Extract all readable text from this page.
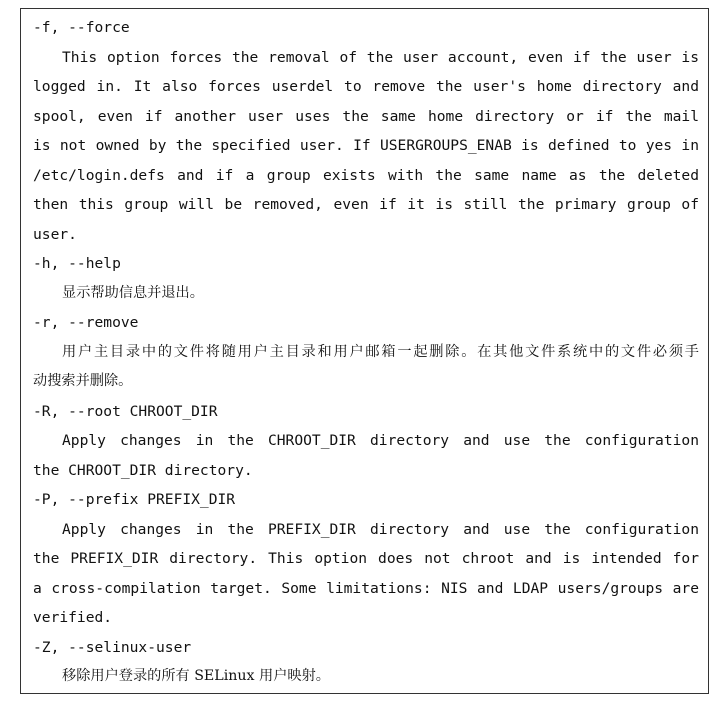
-f, --force
This option forces the removal of the user account, even if the user is
logged in. It also forces userdel to remove the user's home directory and
spool, even if another user uses the same home directory or if the mail
is not owned by the specified user. If USERGROUPS_ENAB is defined to yes in
/etc/login.defs and if a group exists with the same name as the deleted
then this group will be removed, even if it is still the primary group of
user.
-h, --help
显示帮助信息并退出。
-r, --remove
用户主目录中的文件将随用户主目录和用户邮箱一起删除。在其他文件系统中的文件必须手
动搜索并删除。
-R, --root CHROOT_DIR
Apply changes in the CHROOT_DIR directory and use the configuration
the CHROOT_DIR directory.
-P, --prefix PREFIX_DIR
Apply changes in the PREFIX_DIR directory and use the configuration
the PREFIX_DIR directory. This option does not chroot and is intended for
a cross-compilation target. Some limitations: NIS and LDAP users/groups are
verified.
-Z, --selinux-user
移除用户登录的所有 SELinux 用户映射。
